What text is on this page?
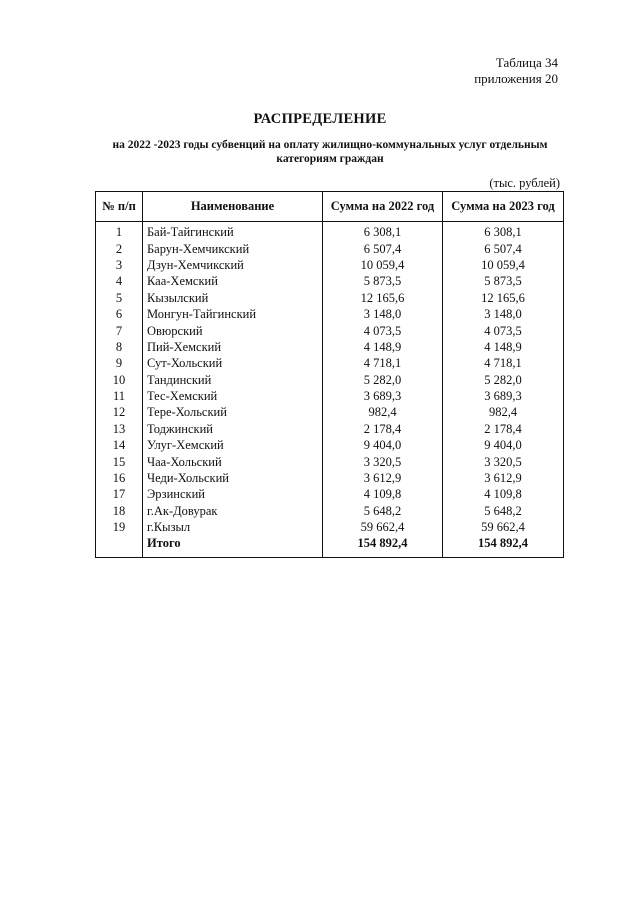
Таблица 34
приложения 20
РАСПРЕДЕЛЕНИЕ
на 2022 -2023 годы субвенций на оплату жилищно-коммунальных услуг отдельным
категориям граждан
(тыс. рублей)
№ п/п	Наименование	Сумма на 2022 год	Сумма на 2023 год
1	Бай-Тайгинский	6 308,1	6 308,1
2	Барун-Хемчикский	6 507,4	6 507,4
3	Дзун-Хемчикский	10 059,4	10 059,4
4	Каа-Хемский	5 873,5	5 873,5
5	Кызылский	12 165,6	12 165,6
6	Монгун-Тайгинский	3 148,0	3 148,0
7	Овюрский	4 073,5	4 073,5
8	Пий-Хемский	4 148,9	4 148,9
9	Сут-Хольский	4 718,1	4 718,1
10	Тандинский	5 282,0	5 282,0
11	Тес-Хемский	3 689,3	3 689,3
12	Тере-Хольский	982,4	982,4
13	Тоджинский	2 178,4	2 178,4
14	Улуг-Хемский	9 404,0	9 404,0
15	Чаа-Хольский	3 320,5	3 320,5
16	Чеди-Хольский	3 612,9	3 612,9
17	Эрзинский	4 109,8	4 109,8
18	г.Ак-Довурак	5 648,2	5 648,2
19	г.Кызыл	59 662,4	59 662,4
	Итого	154 892,4	154 892,4
